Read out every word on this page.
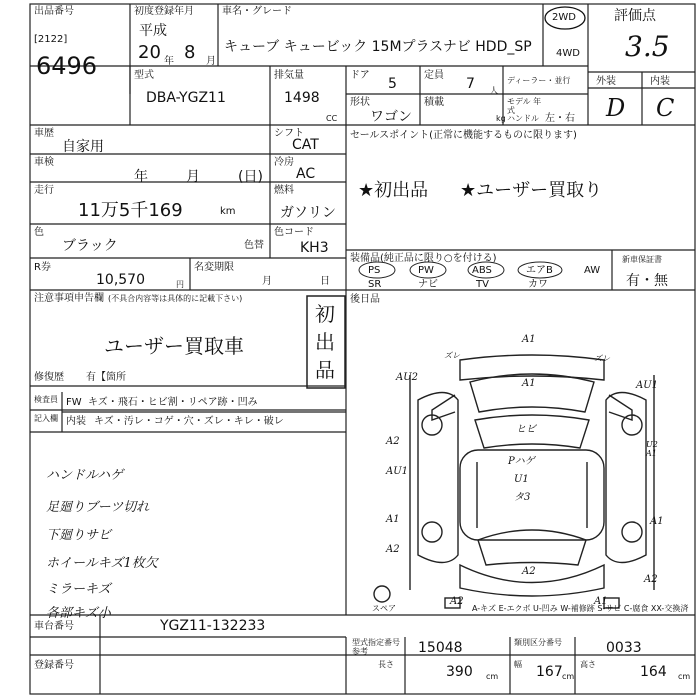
出品番号
[2122]
6496
初度登録年月
平成
20 年 8 月
車名・グレード
キューブ キュービック 15Mプラスナビ HDD_SP
2WD
4WD
評価点
3.5
型式
DBA-YGZ11
排気量
1498
CC
ドア
5
定員
7 人
ディーラー・並行
形状
ワゴン
積載
kg
モデル 年式
ハンドル 左・右
外装	内装
D C
車歴
自家用
車検
年	月	(日)
走行
11万5千169	km
色
ブラック	色替
R券
10,570	円
名変期限
月	日
シフト
CAT
冷房
AC
燃料
ガソリン
色コード
KH3
セールスポイント(正常に機能するものに限ります)
★初出品 ★ユーザー買取り
装備品(純正品に限り○を付ける)
PS	PW	ABS	エアB	AW
SR	ナビ	TV	カワ
新車保証書
有・無
後日品
注意事項申告欄 (不具合内容等は具体的に記載下さい)
ユーザー買取車
初出品
修復歴 有【箇所
検査員
記入欄
FW キズ・飛石・ヒビ割・リペア跡・凹み
内装 キズ・汚レ・コゲ・穴・ズレ・キレ・破レ
ハンドルハゲ
足廻りブーツ切れ
下廻りサビ
ホイールキズ1枚欠
ミラーキズ
各部キズ小
A1
ズレ	ズレ
AU2
A1	AU1
A2	U2 A1
AU1
A1	A1
A2
A2
A2
A2	A1
ヒビ
Pハゲ
U1
タ3
スペア	A-キズ E-エクボ U-凹み W-補修跡 S-サビ C-腐食 XX-交換済
車台番号	YGZ11-132233
登録番号
型式指定番号
参考	15048	類別区分番号	0033
長さ	390 cm
幅 167 cm
高さ	164 cm
